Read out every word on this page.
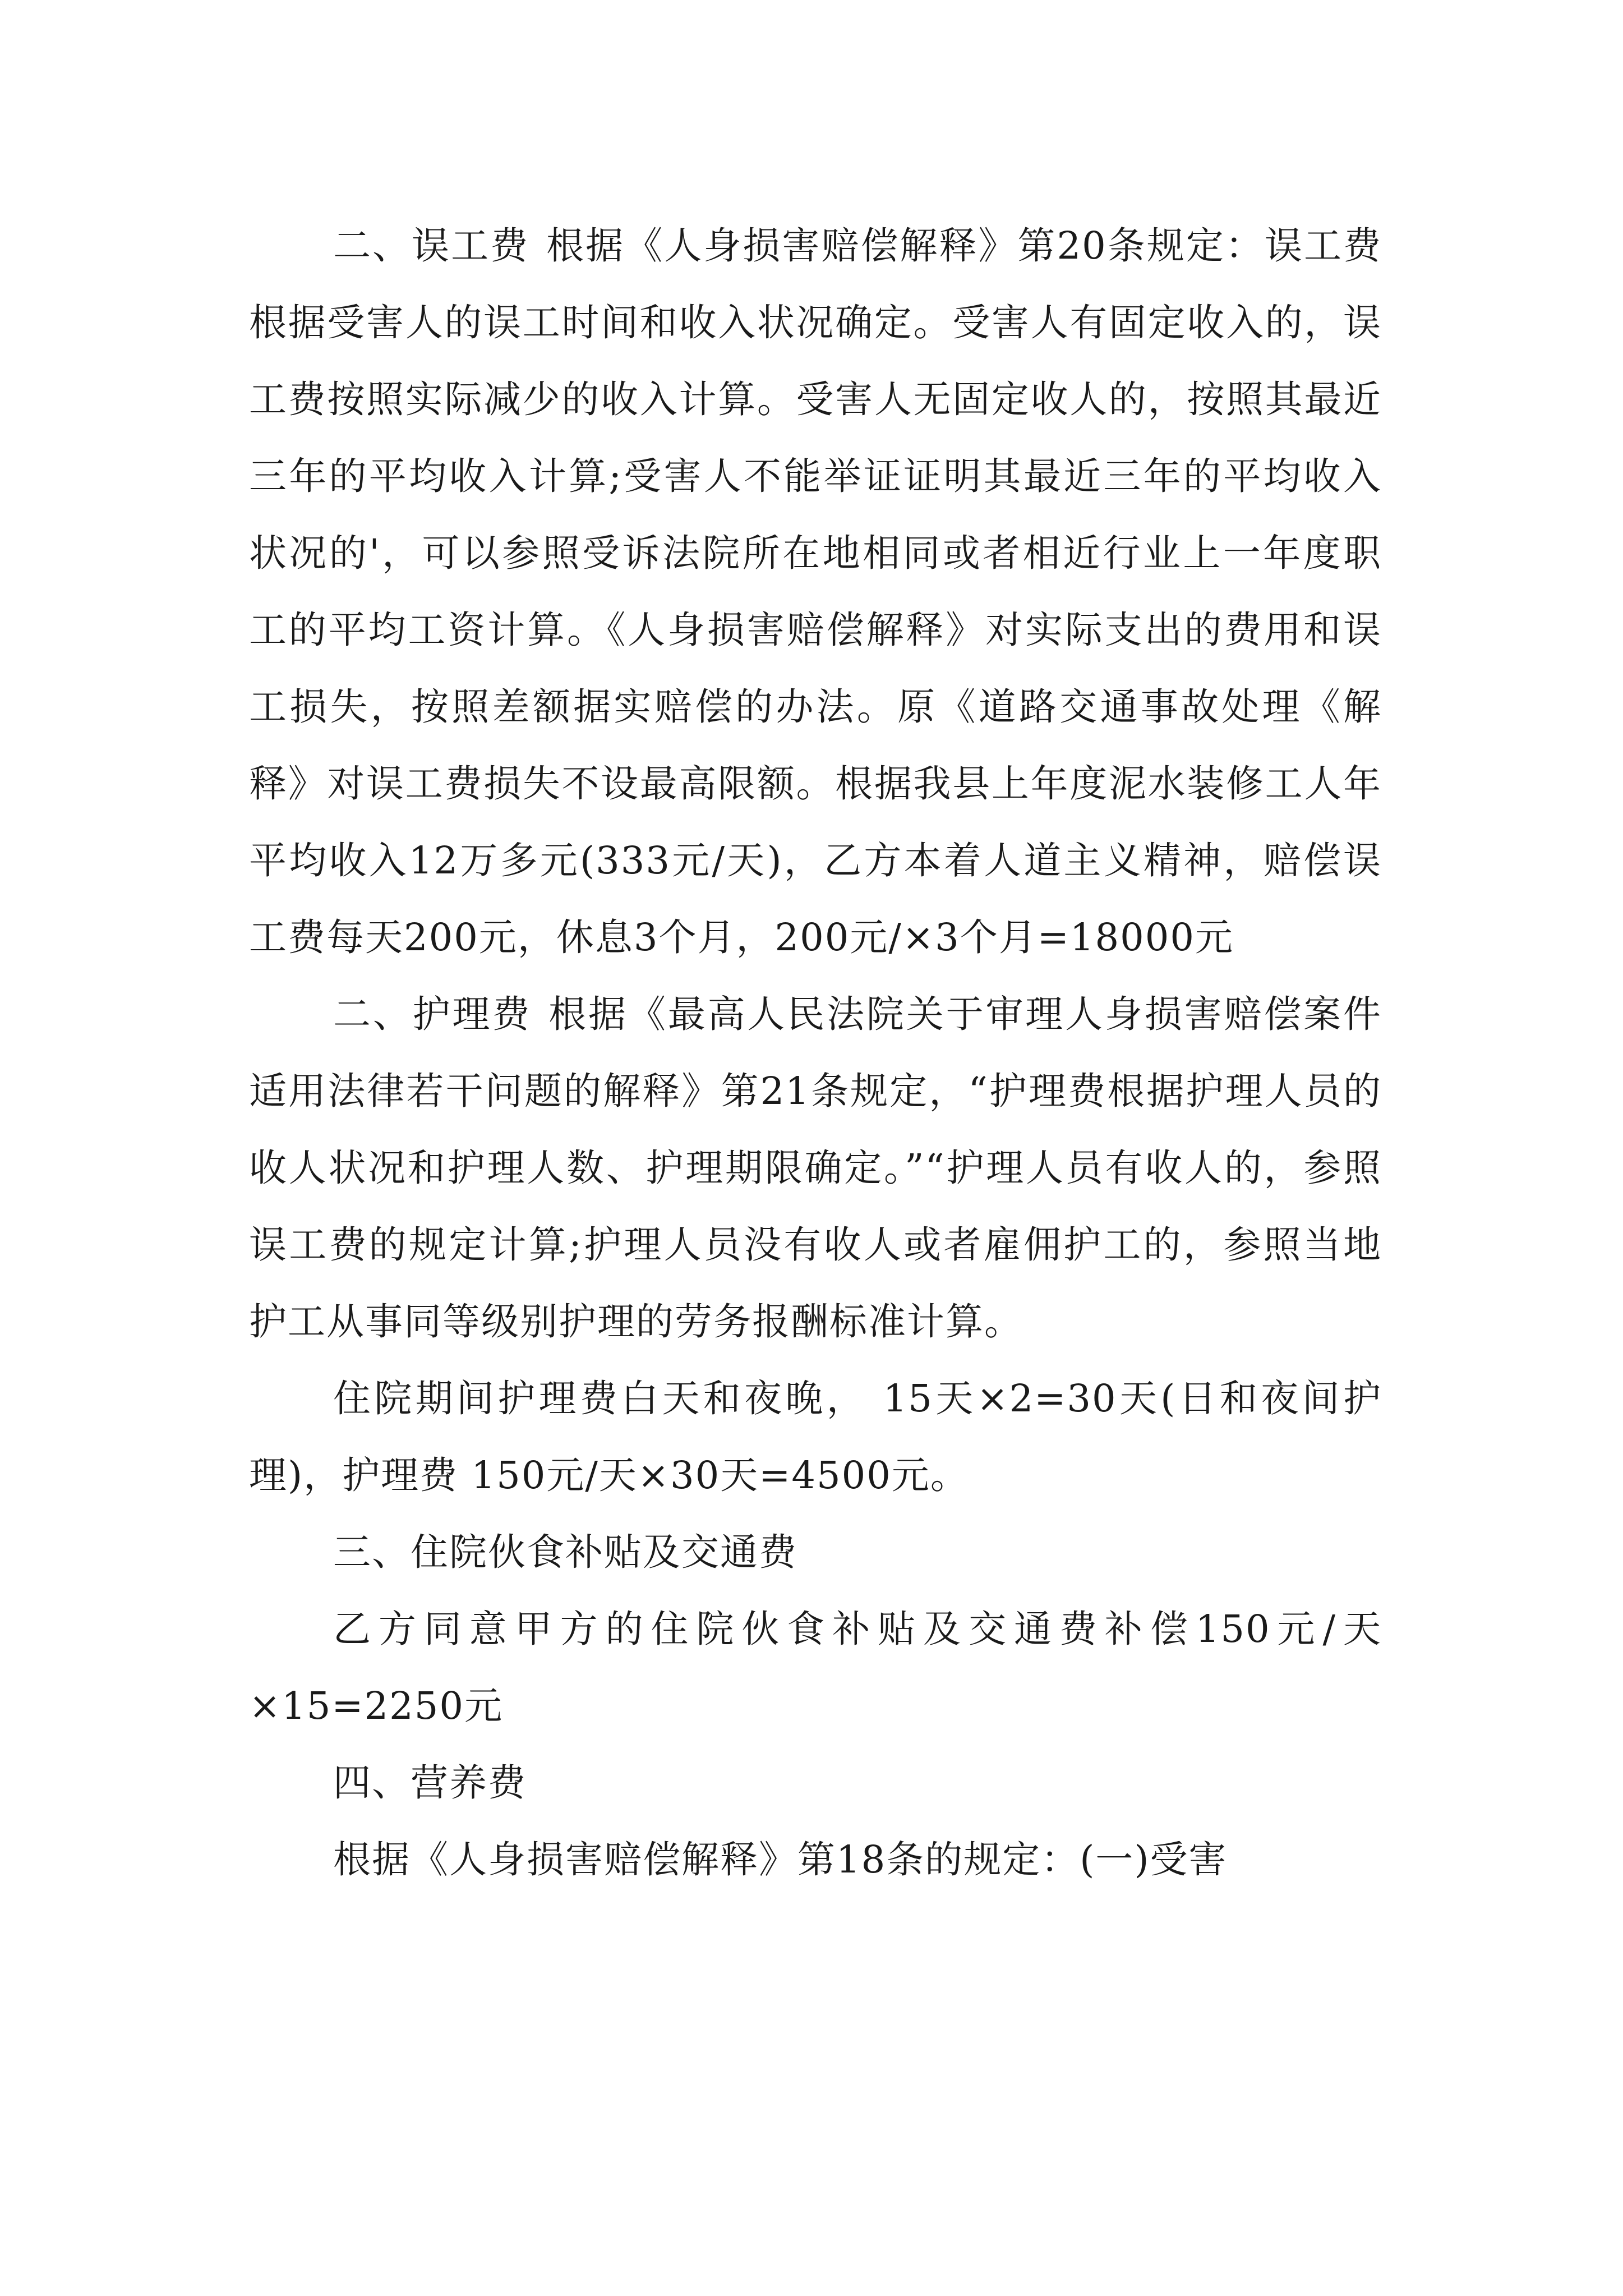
二、误工费 根据《人身损害赔偿解释》第20条规定：误工费根据受害人的误工时间和收入状况确定。受害人有固定收入的，误工费按照实际减少的收入计算。受害人无固定收人的，按照其最近三年的平均收入计算;受害人不能举证证明其最近三年的平均收入状况的'，可以参照受诉法院所在地相同或者相近行业上一年度职工的平均工资计算。《人身损害赔偿解释》对实际支出的费用和误工损失，按照差额据实赔偿的办法。原《道路交通事故处理《解释》对误工费损失不设最高限额。根据我县上年度泥水装修工人年平均收入12万多元(333元/天)，乙方本着人道主义精神，赔偿误工费每天200元，休息3个月，200元/×3个月=18000元

二、护理费 根据《最高人民法院关于审理人身损害赔偿案件适用法律若干问题的解释》第21条规定，“护理费根据护理人员的收人状况和护理人数、护理期限确定。”“护理人员有收人的，参照误工费的规定计算;护理人员没有收人或者雇佣护工的，参照当地护工从事同等级别护理的劳务报酬标准计算。

住院期间护理费白天和夜晚， 15天×2=30天(日和夜间护理)，护理费 150元/天×30天=4500元。

三、住院伙食补贴及交通费

乙方同意甲方的住院伙食补贴及交通费补偿150元/天×15=2250元

四、营养费

根据《人身损害赔偿解释》第18条的规定：(一)受害
